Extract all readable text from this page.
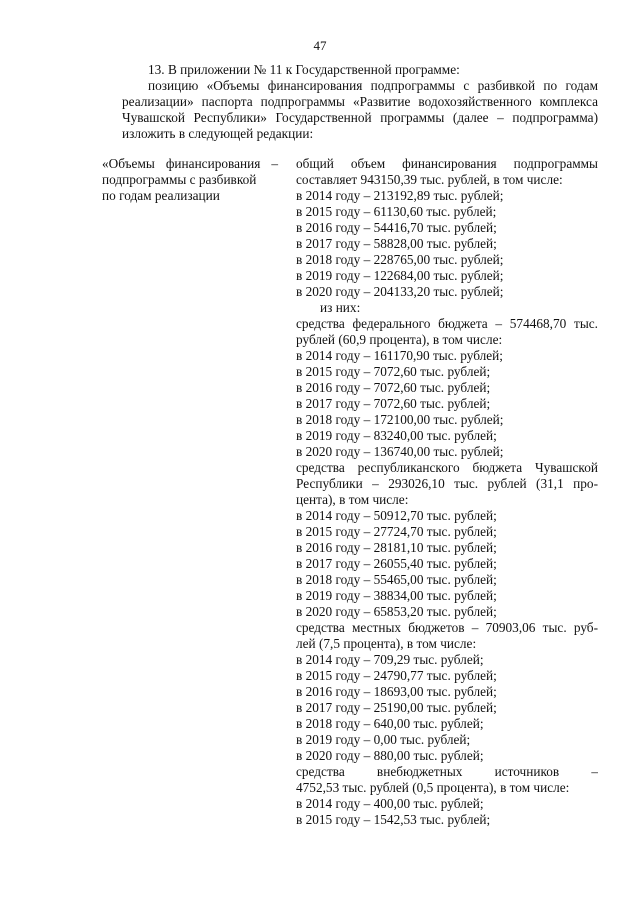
47
13. В приложении № 11 к Государственной программе:
позицию «Объемы финансирования подпрограммы с разбивкой по годам
реализации» паспорта подпрограммы «Развитие водохозяйственного комплекса
Чувашской Республики» Государственной программы (далее – подпрограмма)
изложить в следующей редакции:
«Объемы финансирования –
подпрограммы с разбивкой
по годам реализации
общий объем финансирования подпрограммы
составляет 943150,39 тыс. рублей, в том числе:
в 2014 году – 213192,89 тыс. рублей;
в 2015 году – 61130,60 тыс. рублей;
в 2016 году – 54416,70 тыс. рублей;
в 2017 году – 58828,00 тыс. рублей;
в 2018 году – 228765,00 тыс. рублей;
в 2019 году – 122684,00 тыс. рублей;
в 2020 году – 204133,20 тыс. рублей;
из них:
средства федерального бюджета – 574468,70 тыс.
рублей (60,9 процента), в том числе:
в 2014 году – 161170,90 тыс. рублей;
в 2015 году – 7072,60 тыс. рублей;
в 2016 году – 7072,60 тыс. рублей;
в 2017 году – 7072,60 тыс. рублей;
в 2018 году – 172100,00 тыс. рублей;
в 2019 году – 83240,00 тыс. рублей;
в 2020 году – 136740,00 тыс. рублей;
средства республиканского бюджета Чувашской
Республики – 293026,10 тыс. рублей (31,1 про-
цента), в том числе:
в 2014 году – 50912,70 тыс. рублей;
в 2015 году – 27724,70 тыс. рублей;
в 2016 году – 28181,10 тыс. рублей;
в 2017 году – 26055,40 тыс. рублей;
в 2018 году – 55465,00 тыс. рублей;
в 2019 году – 38834,00 тыс. рублей;
в 2020 году – 65853,20 тыс. рублей;
средства местных бюджетов – 70903,06 тыс. руб-
лей (7,5 процента), в том числе:
в 2014 году – 709,29 тыс. рублей;
в 2015 году – 24790,77 тыс. рублей;
в 2016 году – 18693,00 тыс. рублей;
в 2017 году – 25190,00 тыс. рублей;
в 2018 году – 640,00 тыс. рублей;
в 2019 году – 0,00 тыс. рублей;
в 2020 году – 880,00 тыс. рублей;
средства внебюджетных источников –
4752,53 тыс. рублей (0,5 процента), в том числе:
в 2014 году – 400,00 тыс. рублей;
в 2015 году – 1542,53 тыс. рублей;
